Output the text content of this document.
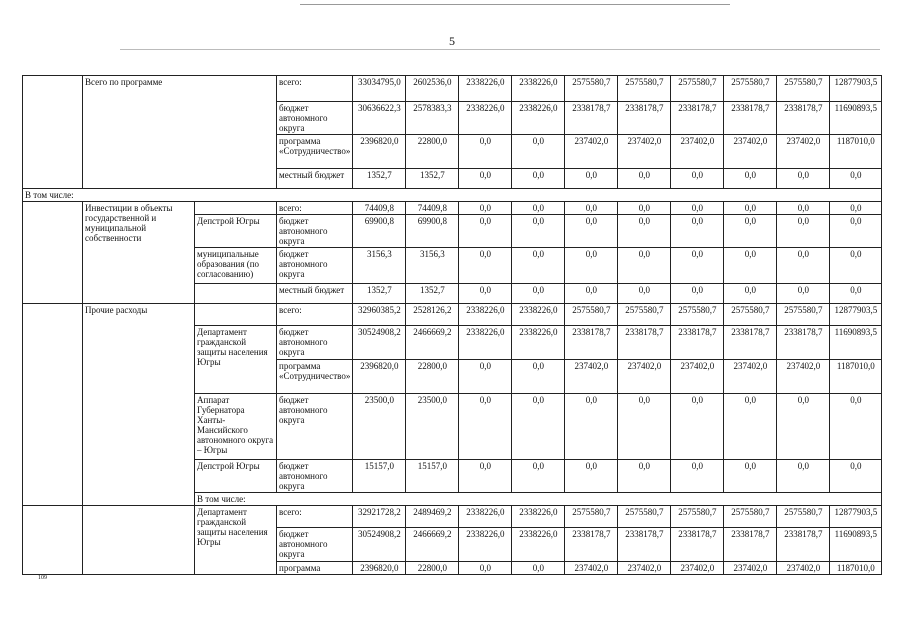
5
	Всего по программе		всего:	33034795,0	2602536,0	2338226,0	2338226,0	2575580,7	2575580,7	2575580,7	2575580,7	2575580,7	12877903,5
			бюджет автономного округа	30636622,3	2578383,3	2338226,0	2338226,0	2338178,7	2338178,7	2338178,7	2338178,7	2338178,7	11690893,5
			программа «Сотрудничество»	2396820,0	22800,0	0,0	0,0	237402,0	237402,0	237402,0	237402,0	237402,0	1187010,0
			местный бюджет	1352,7	1352,7	0,0	0,0	0,0	0,0	0,0	0,0	0,0	0,0
В том числе:													
	Инвестиции в объекты государственной и муниципальной собственности		всего:	74409,8	74409,8	0,0	0,0	0,0	0,0	0,0	0,0	0,0	0,0
		Депстрой Югры	бюджет автономного округа	69900,8	69900,8	0,0	0,0	0,0	0,0	0,0	0,0	0,0	0,0
		муниципальные образования (по согласованию)	бюджет автономного округа	3156,3	3156,3	0,0	0,0	0,0	0,0	0,0	0,0	0,0	0,0
			местный бюджет	1352,7	1352,7	0,0	0,0	0,0	0,0	0,0	0,0	0,0	0,0
	Прочие расходы		всего:	32960385,2	2528126,2	2338226,0	2338226,0	2575580,7	2575580,7	2575580,7	2575580,7	2575580,7	12877903,5
		Департамент гражданской защиты населения Югры	бюджет автономного округа	30524908,2	2466669,2	2338226,0	2338226,0	2338178,7	2338178,7	2338178,7	2338178,7	2338178,7	11690893,5
			программа «Сотрудничество»	2396820,0	22800,0	0,0	0,0	237402,0	237402,0	237402,0	237402,0	237402,0	1187010,0
		Аппарат Губернатора Ханты-Мансийского автономного округа – Югры	бюджет автономного округа	23500,0	23500,0	0,0	0,0	0,0	0,0	0,0	0,0	0,0	0,0
		Депстрой Югры	бюджет автономного округа	15157,0	15157,0	0,0	0,0	0,0	0,0	0,0	0,0	0,0	0,0
		В том числе:											
		Департамент гражданской защиты населения Югры	всего:	32921728,2	2489469,2	2338226,0	2338226,0	2575580,7	2575580,7	2575580,7	2575580,7	2575580,7	12877903,5
			бюджет автономного округа	30524908,2	2466669,2	2338226,0	2338226,0	2338178,7	2338178,7	2338178,7	2338178,7	2338178,7	11690893,5
			программа	2396820,0	22800,0	0,0	0,0	237402,0	237402,0	237402,0	237402,0	237402,0	1187010,0
109
